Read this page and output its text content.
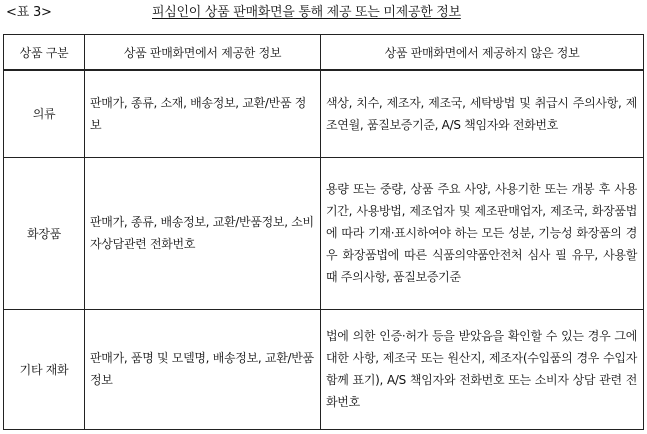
<표 3>	피심인이 상품 판매화면을 통해 제공 또는 미제공한 정보
상품 구분	상품 판매화면에서 제공한 정보	상품 판매화면에서 제공하지 않은 정보
의류	판매가, 종류, 소재, 배송정보, 교환/반품 정보	색상, 치수, 제조자, 제조국, 세탁방법 및 취급시 주의사항, 제조연월, 품질보증기준, A/S 책임자와 전화번호
화장품	판매가, 종류, 배송정보, 교환/반품정보, 소비자상담관련 전화번호	용량 또는 중량, 상품 주요 사양, 사용기한 또는 개봉 후 사용기간, 사용방법, 제조업자 및 제조판매업자, 제조국, 화장품법에 따라 기재·표시하여야 하는 모든 성분, 기능성 화장품의 경우 화장품법에 따른 식품의약품안전처 심사 필 유무, 사용할 때 주의사항, 품질보증기준
기타 재화	판매가, 품명 및 모델명, 배송정보, 교환/반품 정보	법에 의한 인증·허가 등을 받았음을 확인할 수 있는 경우 그에 대한 사항, 제조국 또는 원산지, 제조자(수입품의 경우 수입자 함께 표기), A/S 책임자와 전화번호 또는 소비자 상담 관련 전화번호
